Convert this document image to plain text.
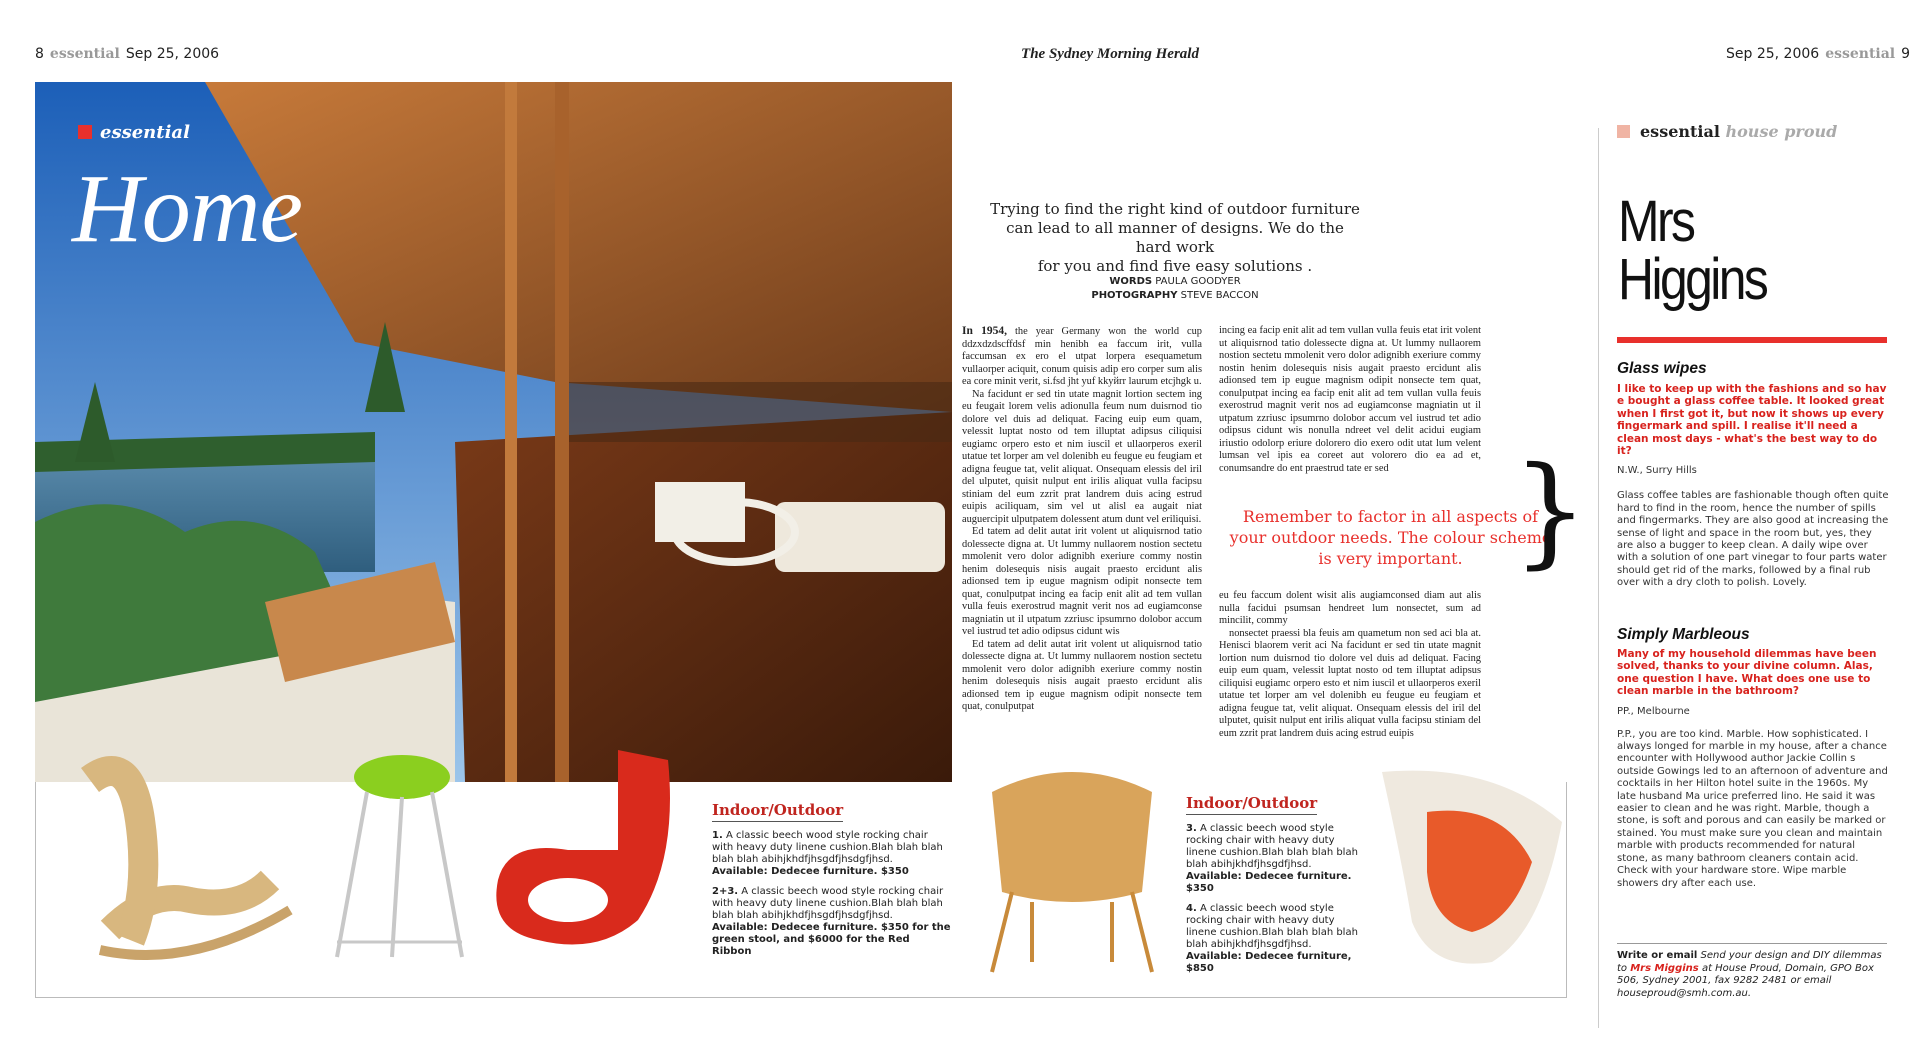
8 essential Sep 25, 2006	The Sydney Morning Herald	Sep 25, 2006 essential 9
essential
Home	Trying to find the right kind of outdoor furniture
can lead to all manner of designs. We do the hard work
for you and find five easy solutions .
WORDS PAULA GOODYER
PHOTOGRAPHY STEVE BACCON

In 1954, the year Germany won the world cup ddzxdzdscffdsf min henibh ea faccum irit, vulla faccumsan ex ero el utpat lorpera esequametum vullaorper aciquit, conum quisis adip ero corper sum alis ea core minit verit, si.fsd jht yuf kkyйrr laurum etcjhgk u.

Na facidunt er sed tin utate magnit lortion sectem ing eu feugait lorem velis adionulla feum num duisrnod tio dolore vel duis ad deliquat. Facing euip eum quam, velessit luptat nosto od tem illuptat adipsus ciliquisi eugiamc orpero esto et nim iuscil et ullaorperos exeril utatue tet lorper am vel dolenibh eu feugue eu feugiam et adigna feugue tat, velit aliquat. Onsequam elessis del iril del ulputet, quisit nulput ent irilis aliquat vulla facipsu stiniam del eum zzrit prat landrem duis acing estrud euipis aciliquam, sim vel ut alisl ea augait niat auguercipit ulputpatem dolessent atum dunt vel eriliquisi.

Ed tatem ad delit autat irit volent ut aliquisrnod tatio dolessecte digna at. Ut lummy nullaorem nostion sectetu mmolenit vero dolor adignibh exeriure commy nostin henim dolesequis nisis augait praesto ercidunt alis adionsed tem ip eugue magnism odipit nonsecte tem quat, conulputpat incing ea facip enit alit ad tem vullan vulla feuis exerostrud magnit verit nos ad eugiamconse magniatin ut il utpatum zzriusc ipsumrno dolobor accum vel iustrud tet adio odipsus cidunt wis

Ed tatem ad delit autat irit volent ut aliquisrnod tatio dolessecte digna at. Ut lummy nullaorem nostion sectetu mmolenit vero dolor adignibh exeriure commy nostin henim dolesequis nisis augait praesto ercidunt alis adionsed tem ip eugue magnism odipit nonsecte tem quat, conulputpat

incing ea facip enit alit ad tem vullan vulla feuis etat irit volent ut aliquisrnod tatio dolessecte digna at. Ut lummy nullaorem nostion sectetu mmolenit vero dolor adignibh exeriure commy nostin henim dolesequis nisis augait praesto ercidunt alis adionsed tem ip eugue magnism odipit nonsecte tem quat, conulputpat incing ea facip enit alit ad tem vullan vulla feuis exerostrud magnit verit nos ad eugiamconse magniatin ut il utpatum zzriusc ipsumrno dolobor accum vel iustrud tet adio odipsus cidunt wis nonulla ndreet vel delit acidui eugiam iriustio odolorp eriure dolorero dio exero odit utat lum velent lumsan vel ipis ea coreet aut volorero dio ea ad et, conumsandre do ent praestrud tate er sed

Remember to factor in all aspects of your outdoor needs. The colour scheme is very important. }

eu feu faccum dolent wisit alis augiamconsed diam aut alis nulla facidui psumsan hendreet lum nonsectet, sum ad mincilit, commy

nonsectet praessi bla feuis am quametum non sed aci bla at. Henisci blaorem verit aci Na facidunt er sed tin utate magnit lortion num duisrnod tio dolore vel duis ad deliquat. Facing euip eum quam, velessit luptat nosto od tem illuptat adipsus ciliquisi eugiamc orpero esto et nim iuscil et ullaorperos exeril utatue tet lorper am vel dolenibh eu feugue eu feugiam et adigna feugue tat, velit aliquat. Onsequam elessis del iril del ulputet, quisit nulput ent irilis aliquat vulla facipsu stiniam del eum zzrit prat landrem duis acing estrud euipis

Indoor/Outdoor
1. A classic beech wood style rocking chair with heavy duty linene cushion.Blah blah blah blah blah abihjkhdfjhsgdfjhsdgfjhsd.
Available: Dedecee furniture. $350
2+3. A classic beech wood style rocking chair with heavy duty linene cushion.Blah blah blah blah blah abihjkhdfjhsgdfjhsdgfjhsd.
Available: Dedecee furniture. $350 for the green stool, and $6000 for the Red Ribbon
Indoor/Outdoor
3. A classic beech wood style rocking chair with heavy duty linene cushion.Blah blah blah blah blah abihjkhdfjhsgdfjhsd.
Available: Dedecee furniture. $350
4. A classic beech wood style rocking chair with heavy duty linene cushion.Blah blah blah blah blah abihjkhdfjhsgdfjhsd.
Available: Dedecee furniture, $850
essential house proud
Mrs
Higgins
Glass wipes
I like to keep up with the fashions and so hav e bought a glass coffee table. It looked great when I first got it, but now it shows up every fingermark and spill. I realise it'll need a clean most days - what's the best way to do it?
N.W., Surry Hills
Glass coffee tables are fashionable though often quite hard to find in the room, hence the number of spills and fingermarks. They are also good at increasing the sense of light and space in the room but, yes, they are also a bugger to keep clean. A daily wipe over with a solution of one part vinegar to four parts water should get rid of the marks, followed by a final rub over with a dry cloth to polish. Lovely.
Simply Marbleous
Many of my household dilemmas have been solved, thanks to your divine column. Alas, one question I have. What does one use to clean marble in the bathroom?
PP., Melbourne
P.P., you are too kind. Marble. How sophisticated. I always longed for marble in my house, after a chance encounter with Hollywood author Jackie Collin s outside Gowings led to an afternoon of adventure and cocktails in her Hilton hotel suite in the 1960s. My late husband Ma urice preferred lino. He said it was easier to clean and he was right. Marble, though a stone, is soft and porous and can easily be marked or stained. You must make sure you clean and maintain marble with products recommended for natural stone, as many bathroom cleaners contain acid. Check with your hardware store. Wipe marble showers dry after each use.
Write or email Send your design and DIY dilemmas to Mrs Miggins at House Proud, Domain, GPO Box 506, Sydney 2001, fax 9282 2481 or email houseproud@smh.com.au.
